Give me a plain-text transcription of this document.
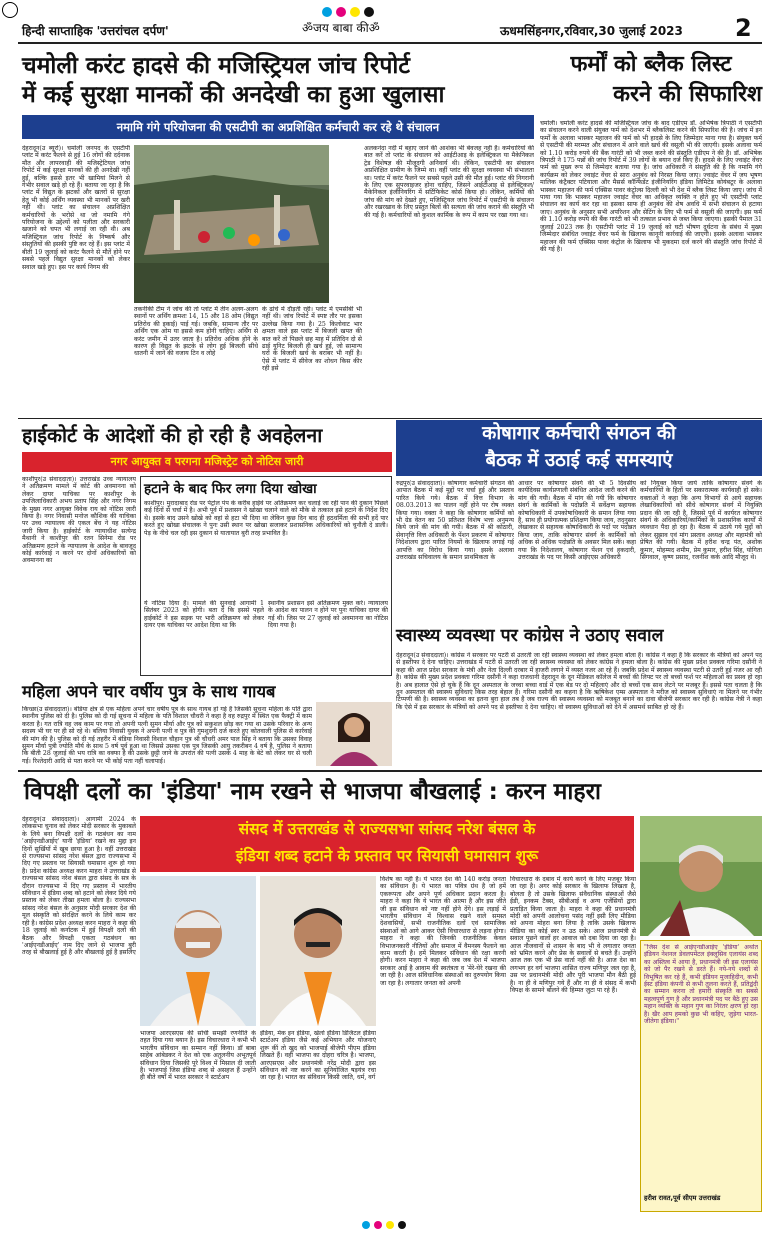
हिन्दी साप्ताहिक 'उत्तरांचल दर्पण'	ॐजय बाबा कीॐ	ऊधमसिंहनगर,रविवार,30 जुलाई 2023 2
चमोली करंट हादसे की मजिस्ट्रियल जांच रिपोर्ट
में कई सुरक्षा मानकों की अनदेखी का हुआ खुलासा
नमामि गंगे परियोजना की एसटीपी का अप्रशिक्षित कर्मचारी कर रहे थे संचालन
देहरादून(उ ब्यूरो)। चमोली जनपद के एसटीपी प्लांट में करंट फैलने से हुई 16 लोगों की दर्दनाक मौत और लापरवाही की मजिस्ट्रेटियल जांच रिपोर्ट में कई सुरक्षा मानकों की ही अनदेखी नहीं हुई, बल्कि इससे इतर भी खामियां मिलने से गंभीर सवाल खड़े हो रहे हैं। बताया जा रहा है कि प्लांट में विद्युत के झटकों और खतरों से सुरक्षा हेतु भी कोई अर्थिंग व्यवस्था भी मानकों पर खरी नहीं थी। प्लांट का संचालन अप्रशिक्षित कर्मचारियों के भरोसे था जो नमामि गंगे परियोजना के उद्देश्यों को पलीता और सरकारी खजाने को चपत भी लगाई जा रही थी। अब मजिस्ट्रियल जांच रिपोर्ट के निष्कर्ष और संस्तुतियों की इसकी पुष्टि कर रहे हैं। इस प्लांट में बीती 19 जुलाई को करंट फैलने से मौतें होने पर सबसे पहले विद्युत सुरक्षा मानकों को लेकर सवाल खड़े हुए। इस पर कार्य निगम की
तकनीकी टीम ने जांच की तो प्लांट में तीन अलग-अलग स्थानों पर अर्थिंग क्रमशः 14, 15 और 18 ओम (विद्युत प्रतिरोध की इकाई) पाई गई। जबकि, सामान्य तौर पर अर्थिंग एक ओम या इससे कम होनी चाहिए। अर्थिंग से करंट जमीन में उतर जाता है। प्रतिरोध अधिक होने के कारण ही विद्युत के झटके से लोग हुई बिजली सीधे धातनी में जाने की वजाय टिन व लोहे
के ढांचे में दौड़ती रही। प्लांट में एमसीबी भी नहीं थी। जांच रिपोर्ट में स्पष्ट तौर पर इसका उल्लेख किया गया है। 25 किलोवाट भार क्षमता वाले इस प्लांट में बिजली खपत की बात करें तो पिछले छह माह में प्रतिदिन दो से ढाई यूनिट बिजली ही खर्च हुई, जो सामान्य घरों के बिजली खर्च के बराबर भी नहीं है। ऐसे में प्लांट में सीवेज का शोधन किस कीर रही इसे
अलकनंदा नदी में बहाए जाने की आशंका भी बेवजह नहीं है। कर्मचारियों की बात करें तो प्लांट के संचालन को आईटीआइ के इलेक्ट्रिकल या मैकेनिकल ट्रेड विशेषज्ञ की मौजूदगी अनिवार्य थी। लेकिन, एसटीपी का संचालन अप्रशिक्षित ग्रामीण के जिम्मे था। वहीं प्लांट की सुरक्षा व्यवस्था भी संभालता था। प्लांट में करंट फैलने पर सबसे पहले उसी की मौत हुई। प्लांट की निगरानी के लिए एक सुपरवाइजर होना चाहिए, जिसने आईटीआइ से इलेक्ट्रिकल/मैकेनिकल इंजीनियरिंग में सर्टिफिकेट कोर्स किया हो। लेकिन, कर्मियों की जांच की मांग को देखते हुए, मजिस्ट्रियल जांच रिपोर्ट में एसटीपी के संचालन और रखरखाव के लिए प्रस्तुत बिलों की सत्यता की जांच कराने की संस्तुति भी की गई है। कर्मचारियों को कुशल कार्मिक के रूप में काम पर रखा गया था।
फर्मों को ब्लैक लिस्ट
करने की सिफारिश
चमोली। चमोली करंट हादसे की मजिस्ट्रियल जांच के बाद एडीएम डॉ. अभिषेक त्रिपाठी ने एसटीपी का संचालन करने वाली संयुक्त फर्म को देशभर में ब्लैकलिस्ट करने की सिफारिश की है। जांच में इन फर्मों के अलावा भास्कर महाजन की फर्म को भी हादसे के लिए जिम्मेदार माना गया है। संयुक्त फर्म से एसटीपी की मरम्मत और संचालन में आने वाले खर्च की वसूली भी की जाएगी। इसके अलावा फर्म को 1.10 करोड़ रुपये की बैंक गारंटी को भी जब्त करने की संस्तुति एडीएम ने की है। डॉ. अभिषेक त्रिपाठी ने 175 पन्नों की जांच रिपोर्ट में 39 लोगों के बयान दर्ज किए हैं। हादसे के लिए ज्वाइंट वेंचर फर्म को मुख्य रूप से जिम्मेदार बताया गया है। जांच अधिकारी ने संस्तुति की है कि नमामि गंगे कार्यक्रम को लेकर ज्वाइंट वेंचर से सारा अनुबंध को निरस्त किया जाए। ज्वाइंट वेंचर में जय भूषण मालिक कंट्रैक्टर पटियाला और मैसर्स कॉन्फिडेंट इंजीनियरिंग इंडिया लिमिटेड कोयंबटूर के अलावा भास्कर महाजन की फर्म एक्सिस पावर कंट्रोल्स दिल्ली को भी देश में ब्लैक लिस्ट किया जाए। जांच में पाया गया कि भास्कर महाजन ज्वाइंट वेंचर का अधिकृत व्यक्ति न होते हुए भी एसटीपी प्लांट संचालन का कार्य कर रहा था इसका साफ ही अनुबंध की शेष अवधि में सभी संचालन से हटाया जाए। अनुबंध के अनुसार सभी अपरिशन और सेटिंग के लिए भी फर्म से वसूली की जाएगी। इस फर्म की 1.10 करोड़ रुपये की बैंक गारंटी को भी तत्काल प्रभाव से जब्त किया जाएगा। इसकी पैमाल 31 जुलाई 2023 तक है। एसटीपी प्लांट में 19 जुलाई को घटी भीषण दुर्घटना के संबंध में मुख्य जिम्मेदार संबंधित ज्वाइंट वेंचर फर्म के खिलाफ कानूनी कार्रवाई की जाएगी। इसके अलावा भास्कर महाजन की फर्म एक्सिस पावर कंट्रोल के खिलाफ भी मुकदमा दर्ज करने की संस्तुति जांच रिपोर्ट में की गई है।
हाईकोर्ट के आदेशों की हो रही है अवहेलना
नगर आयुक्त व परगना मजिस्ट्रेट को नोटिस जारी
काशीपुर(उ संवाददाता)। उत्तराखंड उच्च न्यायालय ने अतिक्रमण मामले में कोर्ट की अवमानना को लेकर दायर याचिका पर काशीपुर के उपजिलाधिकारी अभय प्रताप सिंह और नगर निगम के मुख्य नगर आयुक्त विवेक राय को नोटिस जारी किया है। नगर निवासी मनोज कौशिक की याचिका पर उच्च न्यायालय की एकल बेंच ने यह नोटिस जारी किया है। हाईकोर्ट के न्यायाधीश सत्येन्द्र मैथानी ने काशीपुर की रतन सिनेमा रोड पर अतिक्रमण हटाने के न्यायालय के आदेश के बावजूद कोई कार्रवाई न करने पर दोनों अधिकारियों को अवमानना का
हटाने के बाद फिर लगा दिया खोखा
काशीपुर। मुरादाबाद रोड पर पेट्रोल पंप के करीब हाईवे पर अतिक्रमण कर चलाई जा रही पान की दुकान पिछले कई दिनों से चर्चा में है। अभी पूर्व में प्रशासन ने खोखा चलाने वाले को मौके से तत्काल इसे हटाने के निर्देश दिए थे। इसके बाद उसने खोखे को वहां से हटा भी दिया था लेकिन कुछ दिन बाद ही हठधर्मिता की सभी हदें पार करते हुए खोखा संचालक ने पुनः उसी स्थान पर खोखा सजाकर प्रशासनिक अधिकारियों को चुनौती दे डाली। पेड़ के नीचे चल रही इस दुकान से यातायात बुरी तरह प्रभावित है।
ये नोटिस दिया है। मामले की सुनवाई आगामी 1 सितंबर 2023 को होगी। बता दें कि इससे पहले हाईकोर्ट ने इस सड़क पर भारी अतिक्रमण को लेकर दायर एक याचिका पर आदेश दिया था कि
स्थानीय प्रशासन इसे अतिक्रमण मुक्त करे। न्यायालय के आदेश का पालन न होने पर पुनः याचिका दायर की गई थी। जिस पर 27 जुलाई को अवमानना का नोटिस दिया गया है।
कोषागार कर्मचारी संगठन की
बैठक में उठाई कई समस्याएं
रुद्रपुर(उ संवाददाता)। कोषागार कर्मचारी संगठन की आपात बैठक में कई मुद्दों पर चर्चा हुई और प्रस्ताव पारित किये गये। बैठक में वित्त विभाग के 08.03.2013 का पालन नहीं होने पर रोष व्यक्त किया गया। वक्ता ने कहा कि कोषागार कर्मियों को भी ग्रेड वेतन का 50 प्रतिशत विशेष भत्ता अनुमन्य किये जाने की मांग की गयी। बैठक में श्री कोठारी, सेवानृत्ति वित्त अधिकारी के पेंशन प्रकरण में कोषागार निदेशालय द्वारा पारित नियमों के खिलाफ लगाई गई आपत्ति का विरोध किया गया। इसके अलावा उत्तराखंड सचिवालय के समान प्राथमिकता के
आधार पर कोषागार संवर्ग की भी 5 दिवसीय कार्यदिवस कार्यप्रणाली संबंधित आदेश जारी करने की मांग की गयी। बैठक में मांग की गयी कि कोषागार संवर्ग के कार्मिकों के पदोन्नति में सर्वेक्षण सहायक कोषाधिकारी में उपकोषाधिकारी के समान लिया गया है, साथ ही प्रयोगात्मक प्रशिक्षण किया जाय, तद्नुसार लेखाकार से सहायक कोषाधिकारी के पदों पर पदोन्नत किया जाय, ताकि कोषागार संवर्ग के कार्मिकों को अधिक से अधिक पदोन्नति के अवसर मिल सकें। कहा गया कि निदेशालय, कोषागार पेंशन एवं हकदारी, उत्तराखंड के पद पर किसी आईएएस अधिकारी
को नियुक्त किया जाये ताकि कोषागार संवर्ग के कर्मचारियों के हितों पर सकारात्मक कार्यवाही हो सके। वक्ताओं ने कहा कि अन्य विभागों से आये सहायक लेखाधिकारियों को सीधे कोषागार संवर्ग में नियुक्ति प्रदान की जा रही है, जिससे पूर्व में कार्यरत कोषागार संवर्ग के अधिकारियों/कार्मिकों के प्रशासनिक कार्यों में व्यवधान पैदा हो रहा है। बैठक में उठाये गये मुद्दों को लेकर सुझाव एवं मांग प्रस्ताव अध्यक्ष और महामंत्री को प्रेषित की गयी। बैठक में हरीश चन्द्र पंत, अशोक कुमार, मोहम्मद शमीम, प्रेम कुमार, हरीश सिंह, योगिता सिंगवाल, कृष्ण प्रसाद, रजनीश कर्क आदि मौजूद थे।
स्वास्थ्य व्यवस्था पर कांग्रेस ने उठाए सवाल
देहरादून(उ संवाददाता)। कांग्रेस ने सरकार पर पटरी से उतरती जा रही स्वास्थ्य व्यवस्था को लेकर हमला बोला है। कांग्रेस ने कहा है कि सरकार के मंत्रियों को अपने पद से इस्तीफा दे देना चाहिए। उत्तराखंड में पटरी से उतरती जा रही स्वास्थ्य व्यवस्था को लेकर कांग्रेस ने हमला बोला है। कांग्रेस की मुख्य प्रदेश प्रवक्ता गरिमा दसौनी ने कहा की आज प्रदेश सरकार के मंत्री और नेता दिल्ली दरबार में हाजरी लगाने में व्यस्त नजर आ रहे हैं। जबकि प्रदेश में स्वास्थ्य व्यवस्था पटरी से उतरी हुई नजर आ रही है। कांग्रेस की मुख्य प्रदेश प्रवक्ता गरिमा दसौनी ने कहा राजधानी देहरादून के दून मेडिकल कॉलेज में बच्चों की लिफ्ट पर तो बच्चों फर्श पर महिलाओं का प्रसव हो रहा है। अब हालात ऐसे हो चुके हैं कि दून अस्पताल के जच्चा बच्चा वार्ड में एक बेड पर दो महिलाएं और दो बच्चों एक साथ लेटने पर मजबूर हैं। इससे पता चलता है कि दून अस्पताल की स्वास्थ्य सुविधाएं किस तरह बेहाल हैं। गरिमा दसौनी का कहना है कि ऋषिकेश एम्स अस्पताल ने मरीज को स्वास्थ्य सुविधाएं ना मिलने पर गंभीर टिप्पणी की है। स्वास्थ्य व्यवस्था का इतना बुरा हाल तब है जब राज्य की स्वास्थ्य व्यवस्था को मजबूत बनाने का दावा बीजेपी सरकार कर रही है। कांग्रेस नेत्री ने कहा कि ऐसे में इस सरकार के मंत्रियों को अपने पद से इस्तीफा दे देना चाहिए। वो स्वास्थ्य सुविधाओं को देने में असमर्थ साबित हो रहे हैं।
महिला अपने चार वर्षीय पुत्र के साथ गायब
किच्छा(उ संवाददाता)। बंडिया क्षेत्र से एक महिला अपने चार वर्षीय पुत्र के साथ गायब हो गई है जिसकी सूचना महिला के पति द्वारा स्थानीय पुलिस को दी है। पुलिस को दी गई सूचना में महिला के पति विशाल चौधरी ने कहा है वह रुद्रपुर में स्थित एक फैक्ट्री में काम करता है। गत रात्रि वह जब काम पर गया तो अपनी पत्नी सुमन मौर्या और पुत्र को सकुशल छोड़ कर गया था उसके परिवार के अन्य सदस्य भी घर पर ही सो रहे थे। बलिया निवासी युवक ने अपनी पत्नी व पुत्र की गुमशुदगी दर्ज करते हुए कोतवाली पुलिस से कार्रवाई की मांग की है। पुलिस को दी गई तहरीर में बंडिया निवासी विशाल चौहान पुत्र श्री चौधरी अमर पाल सिंह ने बताया कि उसका विवाह सुमन मौर्या पुत्री ज्योति मौर्य के साथ 5 वर्ष पूर्व हुआ था जिससे उसका एक पुत्र जिसकी आयु तकरीबन 4 वर्ष है, पुलिस ने बताया कि बीती 28 जुलाई की भय रात्रि का वक्फा है की उसके छुट्टी जाने के उपरांत की पत्नी उसके 4 माह के बेटे को लेकर घर से चली गई। रिश्तेदारी आदि से पता करने पर भी कोई पता नहीं चलापाई।
विपक्षी दलों का 'इंडिया' नाम रखने से भाजपा बौखलाई : करन माहरा
संसद में उत्तराखंड से राज्यसभा सांसद नरेश बंसल के
इंडिया शब्द हटाने के प्रस्ताव पर सियासी घमासान शुरू
देहरादून(उ संवाददाता)। आगामी 2024 के लोकसभा चुनाव को लेकर मोदी सरकार के मुकाबले के लिये बना विपक्षी दलों के गठबंधन का नाम 'आईएनडीआईए' यानी 'इंडिया' रखने का मुद्दा इन दिनों सुर्खियों में खूब छाया हुआ है। वहीं उत्तराखंड से राज्यसभा सांसद नरेश बंसल द्वारा राज्यसभा में दिए गए प्रस्ताव पर सियासी घमासान शुरू हो गया है। प्रदेश कांग्रेस अध्यक्ष करन माहरा ने उत्तराखंड से राज्यसभा सांसद नरेश बंसल द्वारा संसद के सत्र के दौरान राज्यसभा में दिए गए प्रस्ताव में भारतीय संविधान में इंडिया शब्द को हटाने को लेकर दिये गये प्रस्ताव को लेकर तीखा हमला बोला है। राज्यसभा सांसद नरेश बंसल के अनुसार मोदी सरकार देश की मूल संस्कृति को संरक्षित करने के लिये काम कर रही है। कांग्रेस प्रदेश अध्यक्ष करन माहरा ने कहा की 18 जुलाई को कर्नाटक में हुई विपक्षी दलों की बैठक और विपक्षी एकता गठबंधन का 'आईएनडीआईए' नाम दिए जाने से भाजपा बुरी तरह से बौखलाई हुई है और बौखलाई हुई है इसलिए
भाजपा आरएसएस की सोची समझी रणनीति के तहत दिया गया बयान है। इस विचारधारा ने कभी भी भारतीय संविधान का सम्मान नहीं किया। डॉ बाबा साहेब आंबेडकर ने देश को एक अतुलनीय अभूतपूर्व संविधान दिया जिसकी पूरे विश्व में मिसाल दी जाती है। भाजपाई जिस इंडिया शब्द से असहज हैं उन्होंने ही बीते वर्षों में भारत सरकार ने स्टार्टअप
इंडिया, मेक इन इंडिया, खेलो इंडिया डिजिटल इंडिया स्टार्टअप इंडिया जैसे कई अभियान और योजनाएं शुरू कीं तो खुद को भाजपाई बीजेपी पीएम इंडिया लिखते हैं। वही भाजपा का दोहरा चरित्र है। भाजपा, आरएसएस और प्रधानमंत्री नरेंद्र मोदी द्वारा इस संविधान को नष्ट करने का सुनियोजित षड़यंत्र रचा जा रहा है। भारत का संविधान किसी जाति, धर्म, वर्ग
विशेष का नहीं है। ये भारत देश की 140 करोड़ जनता का संविधान है। ये भारत का पवित्र ग्रंथ है जो हमें एकरूपता और अपने पूर्ण अधिकार प्रदान करता है। माहरा ने कहा कि ये भारत की आत्मा है और इस जीते जी इस संविधान को नष्ट नहीं होने देंगे। इस लड़ाई में भारतीय संविधान में विश्वास रखने वाले समस्त देशवासियों, सभी राजनीतिक दलों एवं सामाजिक संस्थाओं को आगे आकर ऐसी विचारधारा से लड़ना होगा। माहरा ने कहा की जिनकी राजनीतिक केवल विभाजनकारी नीतियों और समाज में वैमनस्य फैलाने का काम करती है। हमें मिलकर संविधान की रक्षा करनी होगी। करन माहरा ने कहा की जब जब देश में भाजपा सरकार आई है आवाम की स्वतंत्रता व 'मेरे-घेरे रखना की जा रही है। आज संविधानिक संस्थाओं का दुरुपयोग किया जा रहा है। लगातार जनता को अपनी
विचारधारा के दबाव में कार्य करने के लिए मजबूर किया जा रहा है। अगर कोई सरकार के खिलाफ लिखता है, बोलता है तो उसके खिलाफ संवैधानिक संस्थाओं जैसे ईडी, इनकम टैक्स, सीबीआई व अन्य एजेंसियों द्वारा प्रताड़ित किया जाता है। माहरा ने कहा की प्रधानमंत्री मोदी को अपनी आलोचना पसंद नहीं इसी लिए मीडिया को अपना मोहरा बना लिया है ताकि उसके खिलाफ मीडिया का कोई स्वर न उठ सके। आज प्रधानमंत्री से सवाल पूछने वालों हर आवाज को दबा दिया जा रहा है। आज नौजवानों से शासन के बाद भी वे लगातार जनता को भ्रमित करने और प्रेस के सवालों से बचते हैं। उन्होंने आज तक एक भी प्रेस वार्ता नहीं की है। आज देश का लगभग हर वर्ग भाजपा शासित राज्य मणिपुर जल रहा है, उस पर प्रधानमंत्री मोदी और पूरी भाजपा मौन बैठी हुई है। ना ही वे मणिपुर गये हैं और ना ही वे संसद में कभी विपक्ष के सामने बोलने की हिम्मत जुटा पा रहे हैं।
"जिस देश से आईएनडीआईए 'इंडिया' अर्थात इंडियन नेशनल डेवलपमेंटल इंक्लूसिव एलायंस शब्द का अस्तित्व में आया है, प्रधानमंत्री जी इस एलायंस को जो पैर रखने से डरते हैं। नये-नये शब्दों से विभूषित कर रहे हैं, कभी इंडियन मुजाहिदीन, कभी ईस्ट इंडिया कंपनी से कभी तुलना करते हैं, प्रतिद्वंदी का सम्मान करना तो हमारी संस्कृति का सबसे महत्वपूर्ण गुण है और प्रधानमंत्री पद पर बैठे हुए उस महान व्यक्ति के महान गुण का निरंतर क्षरण हो रहा है। खैर आप हमको कुछ भी कहिए, जुड़ेगा भारत-जीतेगा इंडिया।"
हरीश रावत,पूर्व सीएम उत्तराखंड
